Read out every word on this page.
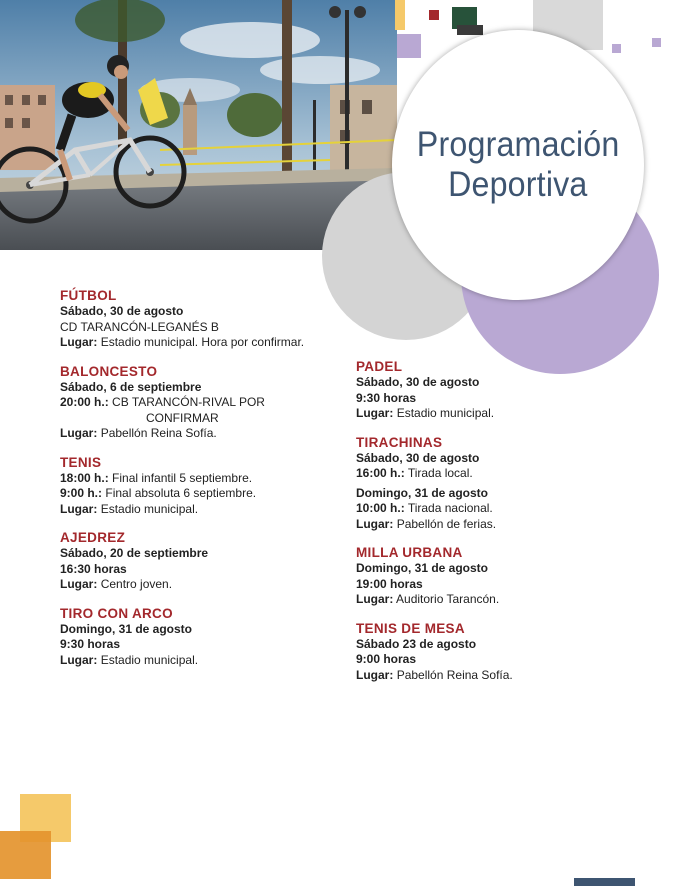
Programación
Deportiva
FÚTBOL
Sábado, 30 de agosto
CD TARANCÓN-LEGANÉS B
Lugar: Estadio municipal. Hora por confirmar.
BALONCESTO
Sábado, 6 de septiembre
20:00 h.: CB TARANCÓN-RIVAL POR
CONFIRMAR
Lugar: Pabellón Reina Sofía.
TENIS
18:00 h.: Final infantil 5 septiembre.
9:00 h.: Final absoluta 6 septiembre.
Lugar: Estadio municipal.
AJEDREZ
Sábado, 20 de septiembre
16:30 horas
Lugar: Centro joven.
TIRO CON ARCO
Domingo, 31 de agosto
9:30 horas
Lugar: Estadio municipal.
PADEL
Sábado, 30 de agosto
9:30 horas
Lugar: Estadio municipal.
TIRACHINAS
Sábado, 30 de agosto
16:00 h.: Tirada local.
Domingo, 31 de agosto
10:00 h.: Tirada nacional.
Lugar: Pabellón de ferias.
MILLA URBANA
Domingo, 31 de agosto
19:00 horas
Lugar: Auditorio Tarancón.
TENIS DE MESA
Sábado 23 de agosto
9:00 horas
Lugar: Pabellón Reina Sofía.
